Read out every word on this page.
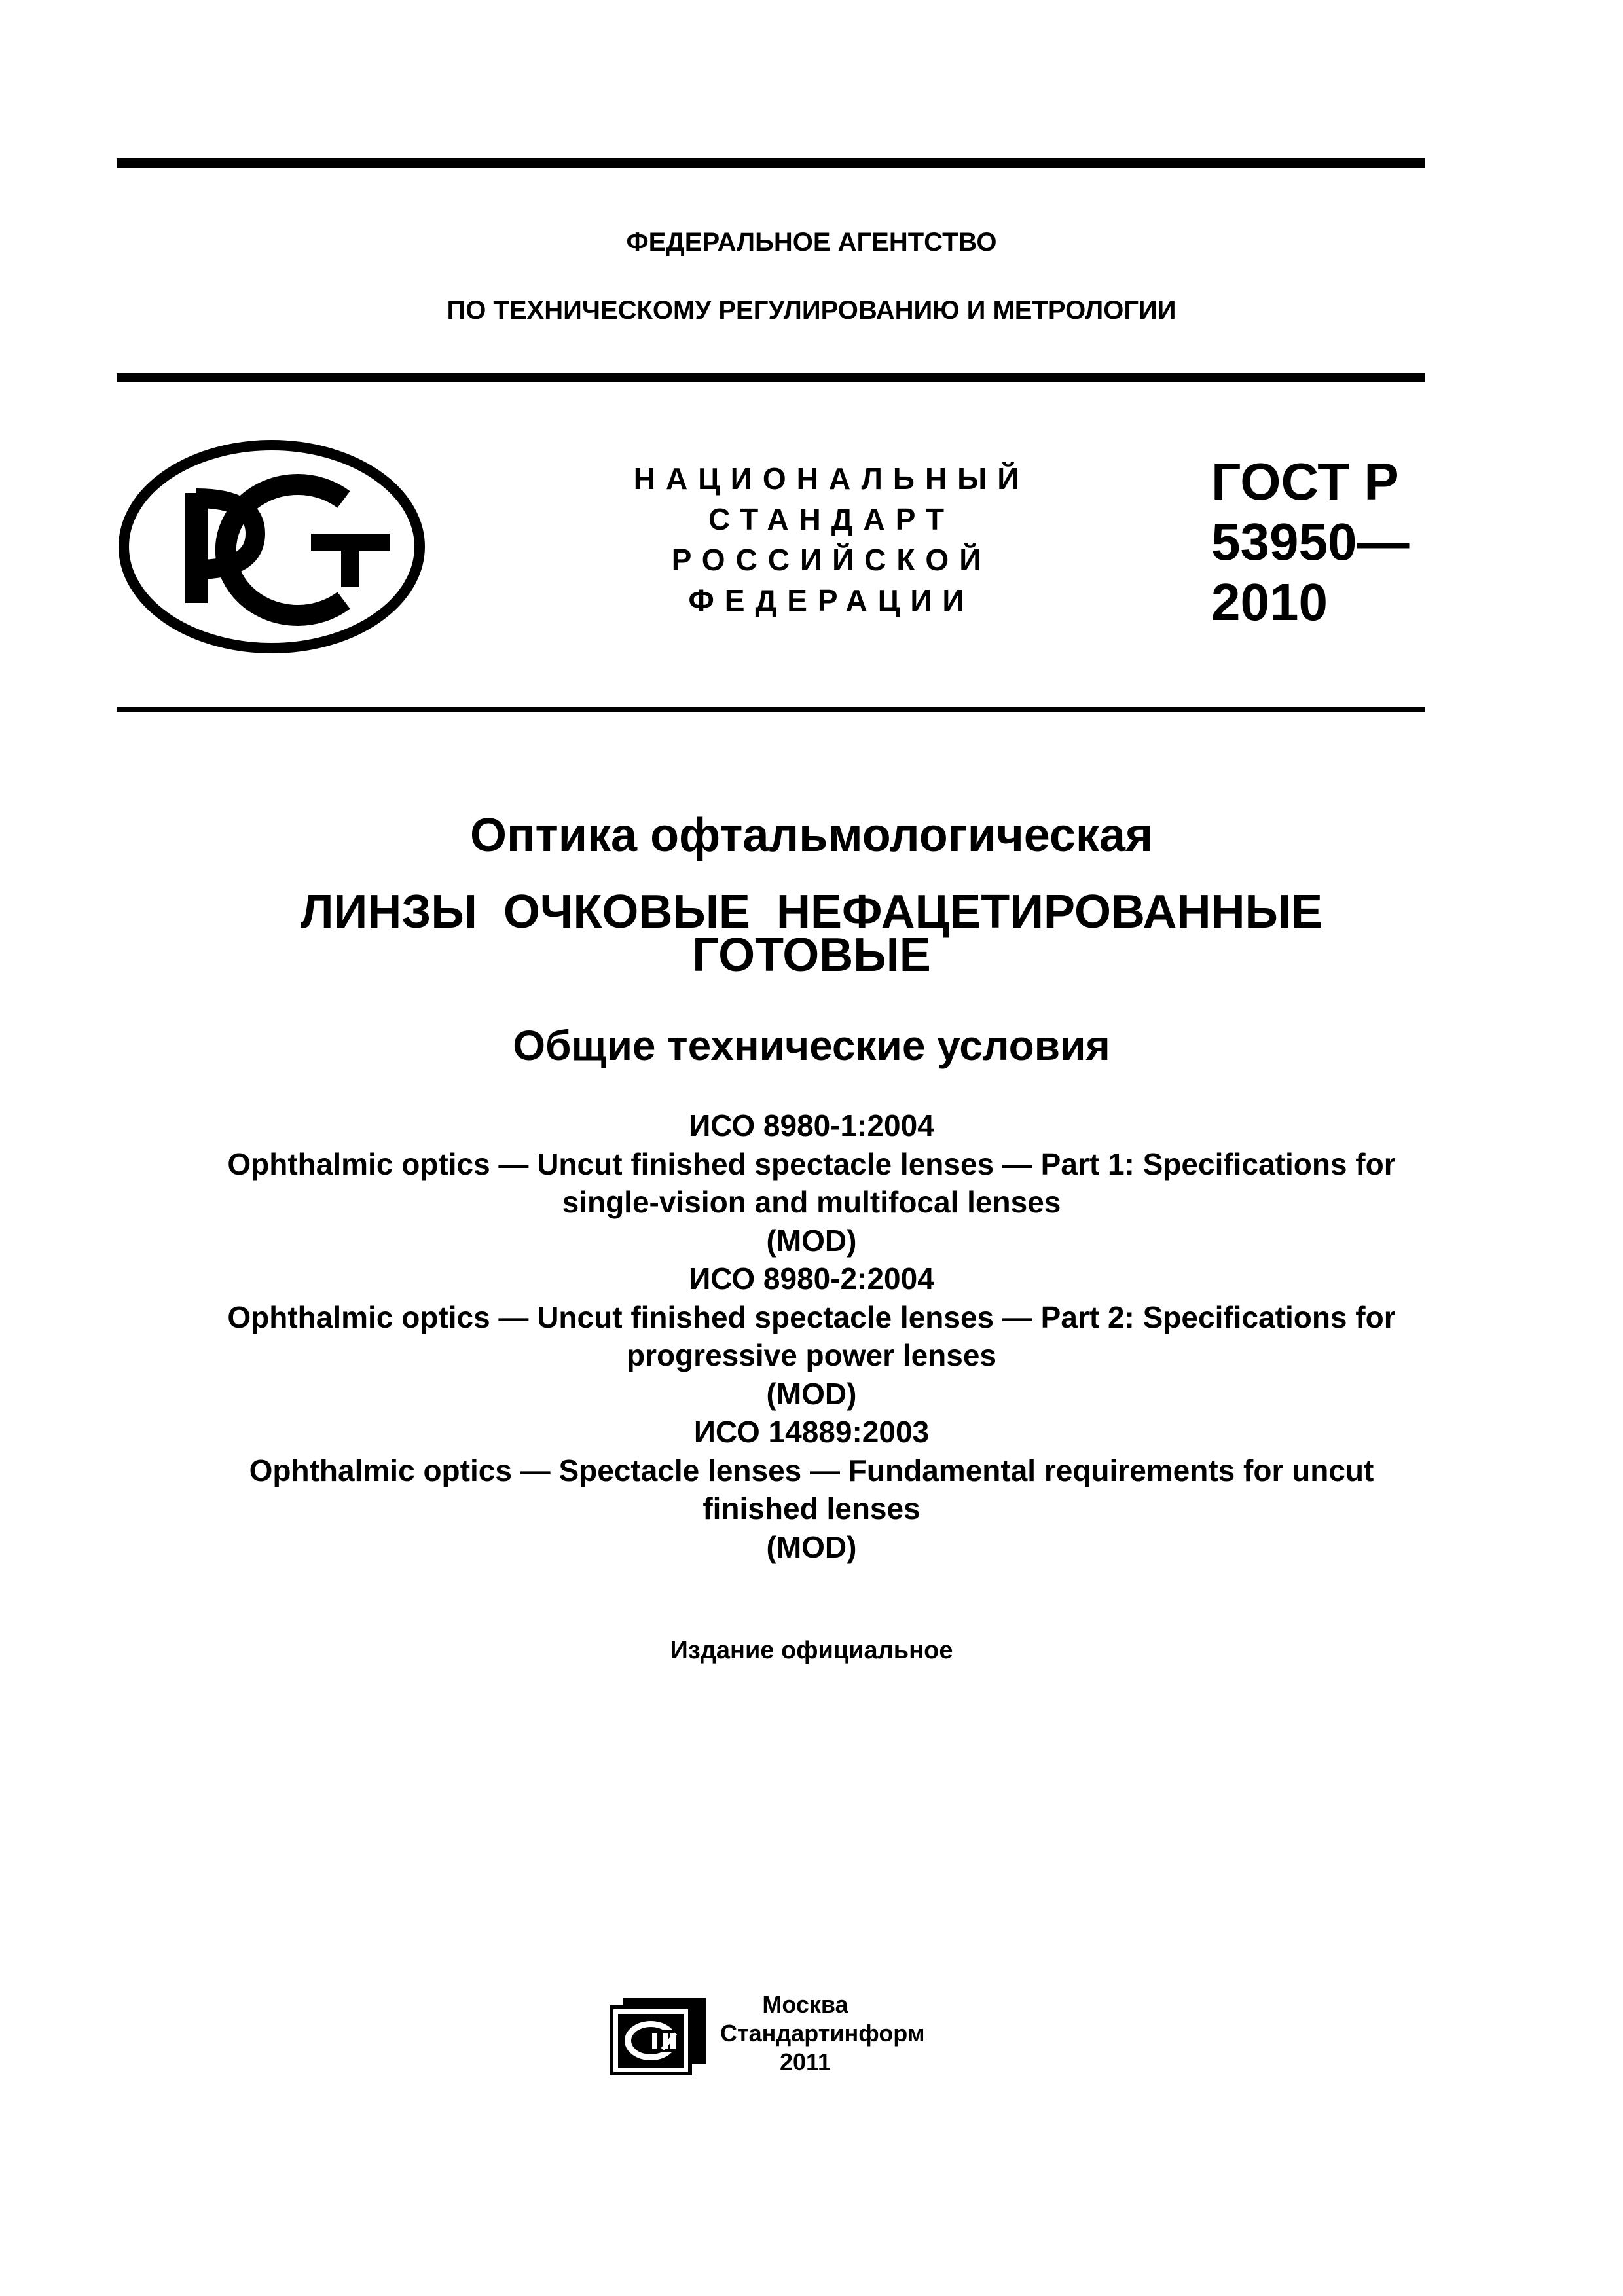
ФЕДЕРАЛЬНОЕ АГЕНТСТВО
ПО ТЕХНИЧЕСКОМУ РЕГУЛИРОВАНИЮ И МЕТРОЛОГИИ
НАЦИОНАЛЬНЫЙ
СТАНДАРТ
РОССИЙСКОЙ
ФЕДЕРАЦИИ
ГОСТ Р
53950—
2010
Оптика офтальмологическая
ЛИНЗЫ ОЧКОВЫЕ НЕФАЦЕТИРОВАННЫЕ
ГОТОВЫЕ
Общие технические условия
ИСО 8980-1:2004
Ophthalmic optics — Uncut finished spectacle lenses — Part 1: Specifications for
single-vision and multifocal lenses
(MOD)
ИСО 8980-2:2004
Ophthalmic optics — Uncut finished spectacle lenses — Part 2: Specifications for
progressive power lenses
(MOD)
ИСО 14889:2003
Ophthalmic optics — Spectacle lenses — Fundamental requirements for uncut
finished lenses
(MOD)
Издание официальное
Москва
Стандартинформ
2011
